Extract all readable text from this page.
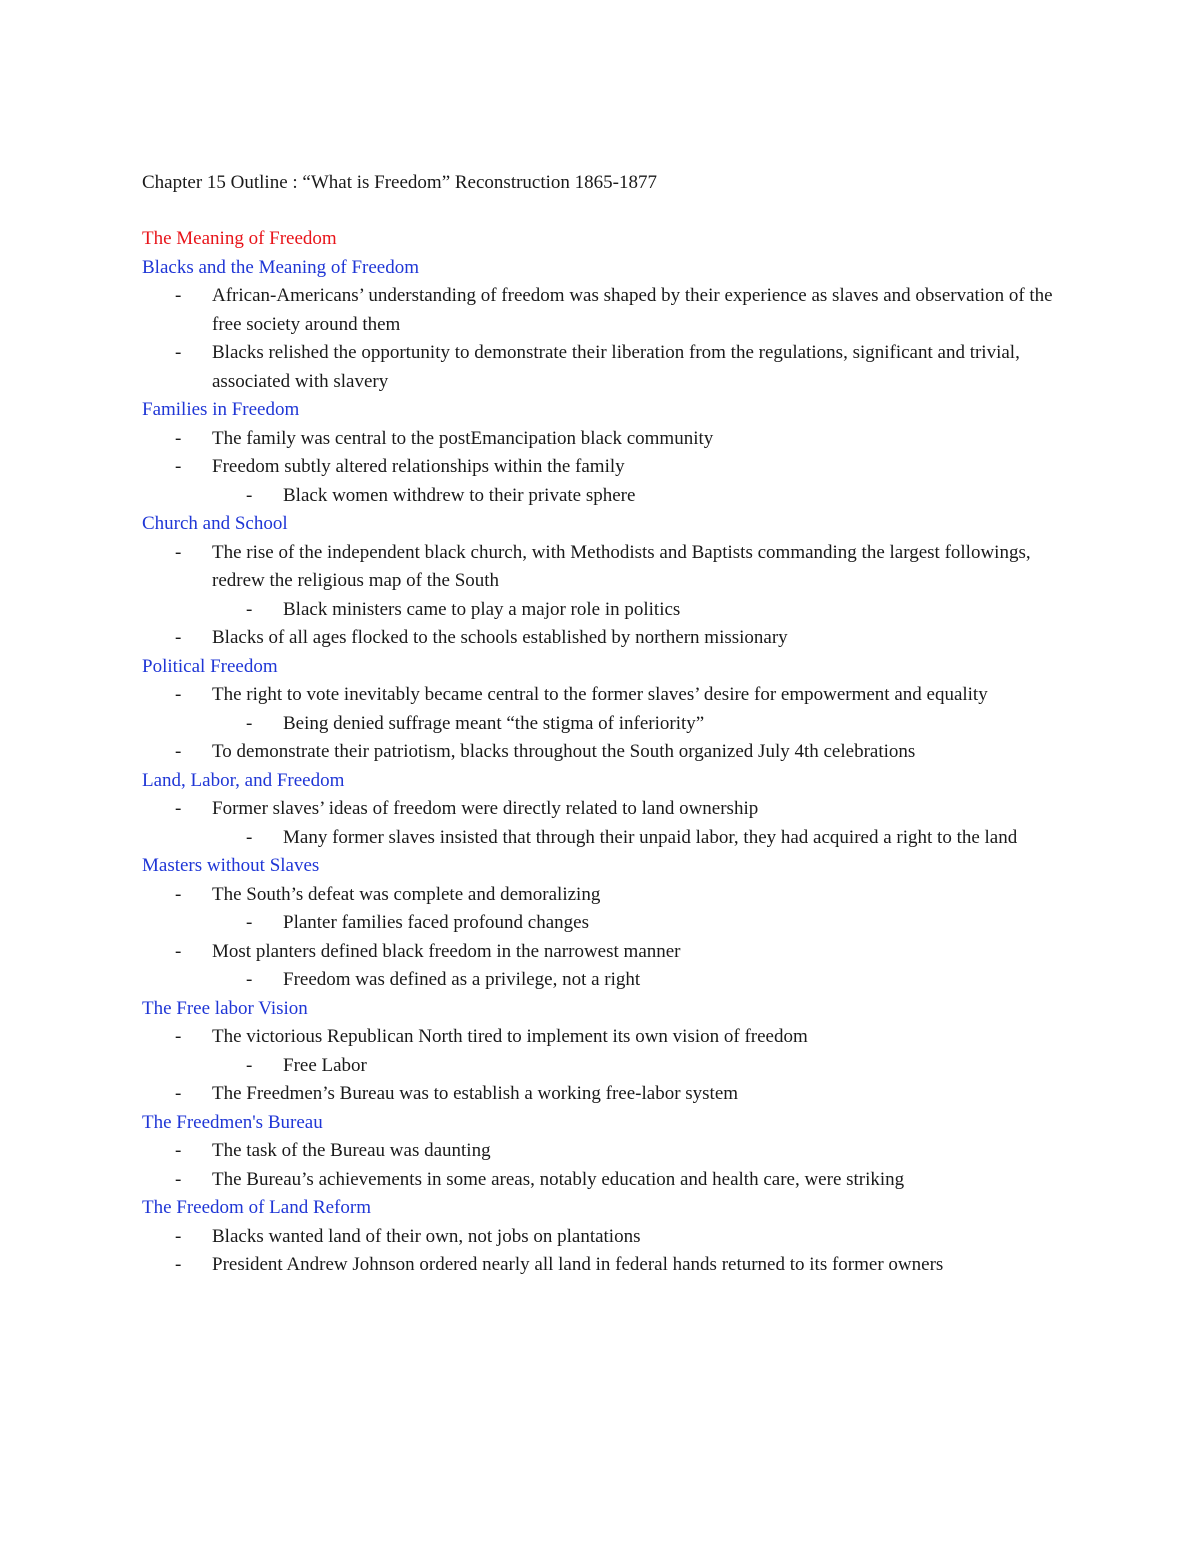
Chapter 15 Outline : “What is Freedom” Reconstruction 1865-1877
The Meaning of Freedom
Blacks and the Meaning of Freedom
-	African-Americans’ understanding of freedom was shaped by their experience as slaves and observation of the free society around them
-	Blacks relished the opportunity to demonstrate their liberation from the regulations, significant and trivial, associated with slavery
Families in Freedom
-	The family was central to the postEmancipation black community
-	Freedom subtly altered relationships within the family
-	Black women withdrew to their private sphere
Church and School
-	The rise of the independent black church, with Methodists and Baptists commanding the largest followings, redrew the religious map of the South
-	Black ministers came to play a major role in politics
-	Blacks of all ages flocked to the schools established by northern missionary
Political Freedom
-	The right to vote inevitably became central to the former slaves’ desire for empowerment and equality
-	Being denied suffrage meant “the stigma of inferiority”
-	To demonstrate their patriotism, blacks throughout the South organized July 4th celebrations
Land, Labor, and Freedom
-	Former slaves’ ideas of freedom were directly related to land ownership
-	Many former slaves insisted that through their unpaid labor, they had acquired a right to the land
Masters without Slaves
-	The South’s defeat was complete and demoralizing
-	Planter families faced profound changes
-	Most planters defined black freedom in the narrowest manner
-	Freedom was defined as a privilege, not a right
The Free labor Vision
-	The victorious Republican North tired to implement its own vision of freedom
-	Free Labor
-	The Freedmen’s Bureau was to establish a working free-labor system
The Freedmen's Bureau
-	The task of the Bureau was daunting
-	The Bureau’s achievements in some areas, notably education and health care, were striking
The Freedom of Land Reform
-	Blacks wanted land of their own, not jobs on plantations
-	President Andrew Johnson ordered nearly all land in federal hands returned to its former owners
